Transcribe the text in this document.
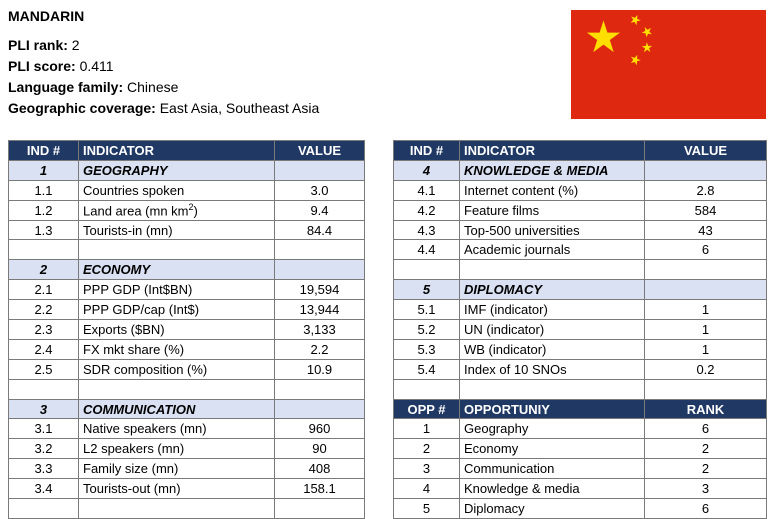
MANDARIN
PLI rank: 2
PLI score: 0.411
Language family: Chinese
Geographic coverage: East Asia, Southeast Asia
IND #	INDICATOR	VALUE
1	GEOGRAPHY	
1.1	Countries spoken	3.0
1.2	Land area (mn $km^2$)	9.4
1.3	Tourists-in (mn)	84.4

2	ECONOMY	
2.1	PPP GDP (Int$BN)	19,594
2.2	PPP GDP/cap (Int$)	13,944
2.3	Exports ($BN)	3,133
2.4	FX mkt share (%)	2.2
2.5	SDR composition (%)	10.9

3	COMMUNICATION	
3.1	Native speakers (mn)	960
3.2	L2 speakers (mn)	90
3.3	Family size (mn)	408
3.4	Tourists-out (mn)	158.1

IND #	INDICATOR	VALUE
4	KNOWLEDGE & MEDIA	
4.1	Internet content (%)	2.8
4.2	Feature films	584
4.3	Top-500 universities	43
4.4	Academic journals	6

5	DIPLOMACY	
5.1	IMF (indicator)	1
5.2	UN (indicator)	1
5.3	WB (indicator)	1
5.4	Index of 10 SNOs	0.2

OPP #	OPPORTUNIY	RANK
1	Geography	6
2	Economy	2
3	Communication	2
4	Knowledge & media	3
5	Diplomacy	6
